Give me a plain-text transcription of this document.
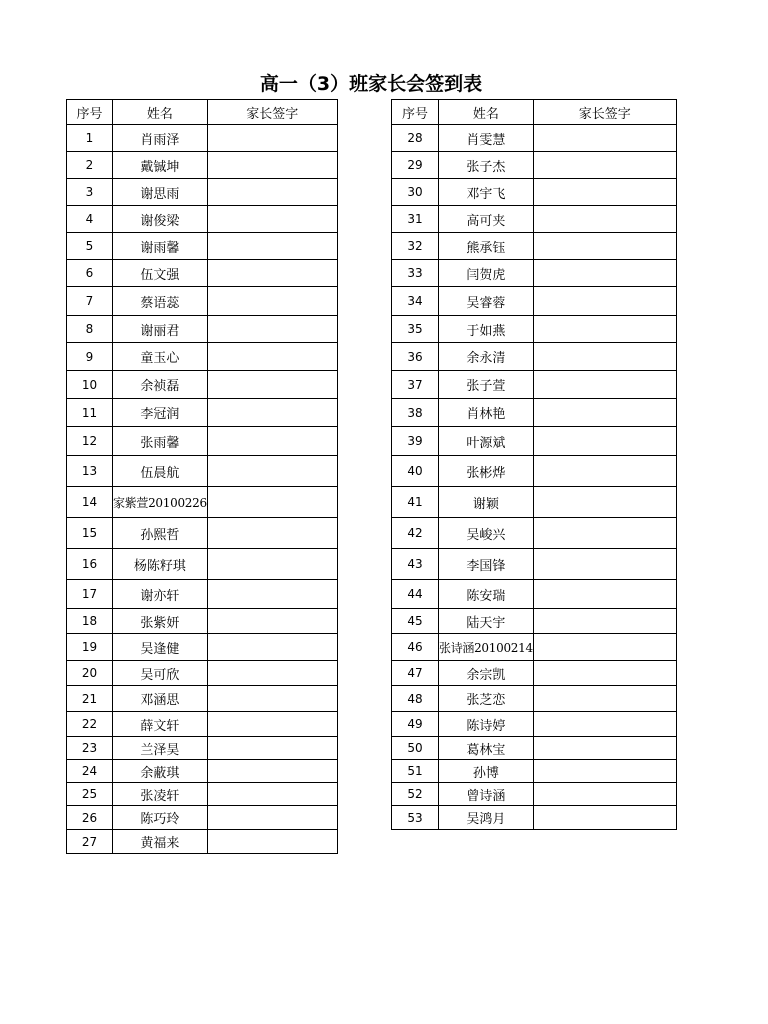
高一（3）班家长会签到表
序号	姓名	家长签字
1	肖雨泽	
2	戴铖坤	
3	谢思雨	
4	谢俊梁	
5	谢雨馨	
6	伍文强	
7	蔡语蕊	
8	谢丽君	
9	童玉心	
10	余祯磊	
11	李冠润	
12	张雨馨	
13	伍晨航	
14	家紫萱20100226	
15	孙熙哲	
16	杨陈籽琪	
17	谢亦轩	
18	张紫妍	
19	吴逢健	
20	吴可欣	
21	邓涵思	
22	薛文轩	
23	兰泽昊	
24	余蔽琪	
25	张凌轩	
26	陈巧玲	
27	黄福来	
序号	姓名	家长签字
28	肖雯慧	
29	张子杰	
30	邓宇飞	
31	高可夹	
32	熊承钰	
33	闫贺虎	
34	吴睿蓉	
35	于如燕	
36	余永清	
37	张子萱	
38	肖林艳	
39	叶源斌	
40	张彬烨	
41	谢颖	
42	吴峻兴	
43	李国锋	
44	陈安瑞	
45	陆天宇	
46	张诗涵20100214	
47	余宗凯	
48	张芝恋	
49	陈诗婷	
50	葛林宝	
51	孙博	
52	曾诗涵	
53	吴鸿月	
